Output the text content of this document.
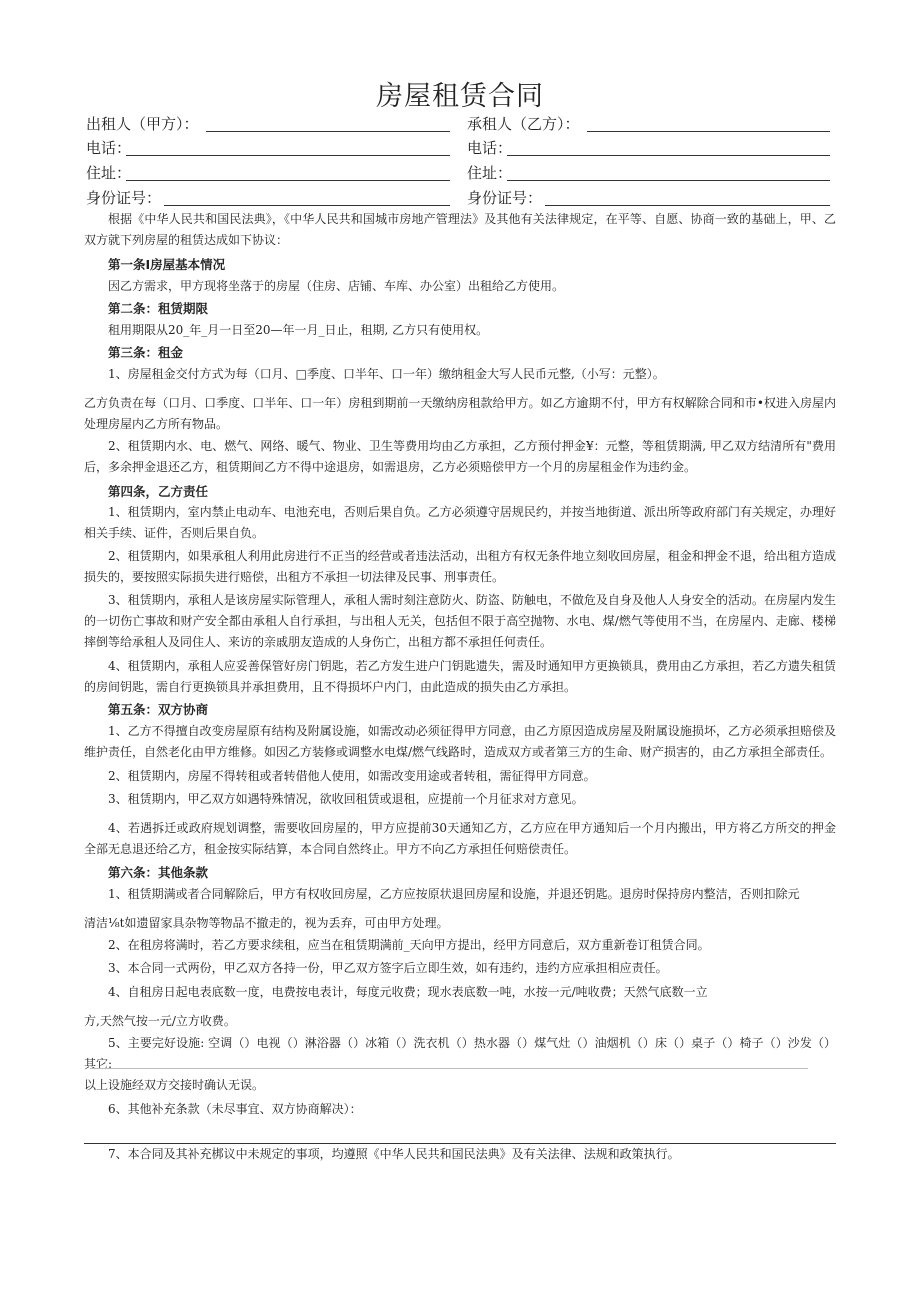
房屋租赁合同
出租人（甲方）：	承租人（乙方）：
电话：	电话：
住址：	住址：
身份证号：	身份证号：
根据《中华人民共和国民法典》，《中华人民共和国城市房地产管理法》及其他有关法律规定，在平等、自愿、协商一致的基础上，甲、乙双方就下列房屋的租赁达成如下协议：
第一条I房屋基本情况
因乙方需求，甲方现将坐落于的房屋（住房、店铺、车库、办公室）出租给乙方使用。
第二条：租赁期限
租用期限从20_年_月一日至20—年一月_日止，租期, 乙方只有使用权。
第三条：租金
1、房屋租金交付方式为每（口月、□季度、口半年、口一年）缴纳租金大写人民币元整,（小写：元整）。
乙方负责在每（口月、口季度、口半年、口一年）房租到期前一天缴纳房租款给甲方。如乙方逾期不付，甲方有权解除合同和市•权进入房屋内处理房屋内乙方所有物品。
2、租赁期内水、电、燃气、网络、暖气、物业、卫生等费用均由乙方承担，乙方预付押金¥：元整，等租赁期满, 甲乙双方结清所有"费用后，多余押金退还乙方，租赁期间乙方不得中途退房，如需退房，乙方必须赔偿甲方一个月的房屋租金作为违约金。
第四条，乙方责任
1、租赁期内，室内禁止电动车、电池充电，否则后果自负。乙方必须遵守居规民约，并按当地街道、派出所等政府部门有关规定，办理好相关手续、证件，否则后果自负。
2、租赁期内，如果承租人利用此房进行不正当的经营或者违法活动，出租方有权无条件地立刻收回房屋，租金和押金不退，给出租方造成损失的，要按照实际损失进行赔偿，出租方不承担一切法律及民事、刑事责任。
3、租赁期内，承租人是该房屋实际管理人，承租人需时刻注意防火、防盗、防触电，不做危及自身及他人人身安全的活动。在房屋内发生的一切伤亡事故和财产安全都由承租人自行承担，与出租人无关，包括但不限于高空抛物、水电、煤/燃气等使用不当，在房屋内、走廊、楼梯摔倒等给承租人及同住人、来访的亲戚朋友造成的人身伤亡，出租方都不承担任何责任。
4、租赁期内，承租人应妥善保管好房门钥匙，若乙方发生进户门钥匙遗失，需及时通知甲方更换锁具，费用由乙方承担，若乙方遗失租赁的房间钥匙，需自行更换锁具并承担费用，且不得损坏户内门，由此造成的损失由乙方承担。
第五条：双方协商
1、乙方不得擅自改变房屋原有结构及附属设施，如需改动必须征得甲方同意，由乙方原因造成房屋及附属设施损坏，乙方必须承担赔偿及维护责任，自然老化由甲方维修。如因乙方装修或调整水电煤/燃气线路时，造成双方或者第三方的生命、财产损害的，由乙方承担全部责任。
2、租赁期内，房屋不得转租或者转借他人使用，如需改变用途或者转租，需征得甲方同意。
3、租赁期内，甲乙双方如遇特殊情况，欲收回租赁或退租，应提前一个月征求对方意见。
4、若遇拆迁或政府规划调整，需要收回房屋的，甲方应提前30天通知乙方，乙方应在甲方通知后一个月内搬出，甲方将乙方所交的押金全部无息退还给乙方，租金按实际结算，本合同自然终止。甲方不向乙方承担任何赔偿责任。
第六条：其他条款
1、租赁期满或者合同解除后，甲方有权收回房屋，乙方应按原状退回房屋和设施，并退还钥匙。退房时保持房内整洁，否则扣除元
清洁⅛t如遗留家具杂物等物品不撤走的，视为丢弃，可由甲方处理。
2、在租房将满时，若乙方要求续租，应当在租赁期满前_天向甲方提出，经甲方同意后，双方重新卷订租赁合同。
3、本合同一式两份，甲乙双方各持一份，甲乙双方签字后立即生效，如有违约，违约方应承担相应责任。
4、自租房日起电表底数一度，电费按电表计，每度元收费；现水表底数一吨，水按一元/吨收费；天然气底数一立
方,天然气按一元/立方收费。
5、主要完好设施: 空调（）电视（）淋浴器（）冰箱（）洗衣机（）热水器（）煤气灶（）油烟机（）床（）桌子（）椅子（）沙发（）其它:
以上设施经双方交接时确认无误。
6、其他补充条款（未尽事宜、双方协商解决）：
7、本合同及其补充梆议中未规定的事项，均遵照《中华人民共和国民法典》及有关法律、法规和政策执行。
